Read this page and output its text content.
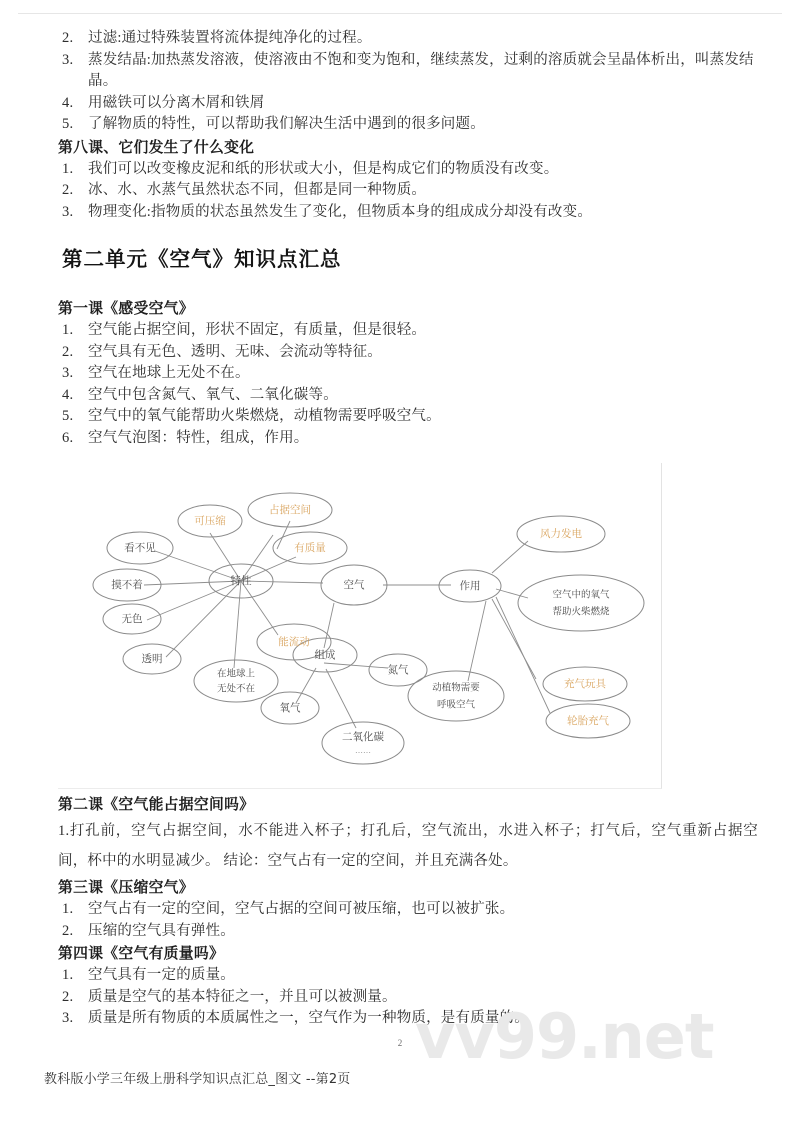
2.	过滤:通过特殊装置将流体提纯净化的过程。
3.	蒸发结晶:加热蒸发溶液，使溶液由不饱和变为饱和，继续蒸发，过剩的溶质就会呈晶体析出，叫蒸发结晶。
4.	用磁铁可以分离木屑和铁屑
5.	了解物质的特性，可以帮助我们解决生活中遇到的很多问题。
第八课、它们发生了什么变化
1.	我们可以改变橡皮泥和纸的形状或大小，但是构成它们的物质没有改变。
2.	冰、水、水蒸气虽然状态不同，但都是同一种物质。
3.	物理变化:指物质的状态虽然发生了变化，但物质本身的组成成分却没有改变。
第二单元《空气》知识点汇总
第一课《感受空气》
1.	空气能占据空间，形状不固定，有质量，但是很轻。
2.	空气具有无色、透明、无味、会流动等特征。
3.	空气在地球上无处不在。
4.	空气中包含氮气、氧气、二氧化碳等。
5.	空气中的氧气能帮助火柴燃烧，动植物需要呼吸空气。
6.	空气气泡图：特性，组成，作用。
可压缩
占据空间
有质量
看不见
摸不着
无色
透明
特性
能流动
在地球上
无处不在
空气
组成
氮气
氧气
二氧化碳
……
作用
风力发电
空气中的氧气
帮助火柴燃烧
充气玩具
轮胎充气
动植物需要
呼吸空气
第二课《空气能占据空间吗》

1.打孔前，空气占据空间，水不能进入杯子；打孔后，空气流出，水进入杯子；打气后，空气重新占据空间，杯中的水明显减少。 结论：空气占有一定的空间，并且充满各处。

第三课《压缩空气》
1.	空气占有一定的空间，空气占据的空间可被压缩，也可以被扩张。
2.	压缩的空气具有弹性。
第四课《空气有质量吗》
1.	空气具有一定的质量。
2.	质量是空气的基本特征之一，并且可以被测量。
3.	质量是所有物质的本质属性之一，空气作为一种物质，是有质量的。
vv99.net
2
教科版小学三年级上册科学知识点汇总_图文 --第2页
